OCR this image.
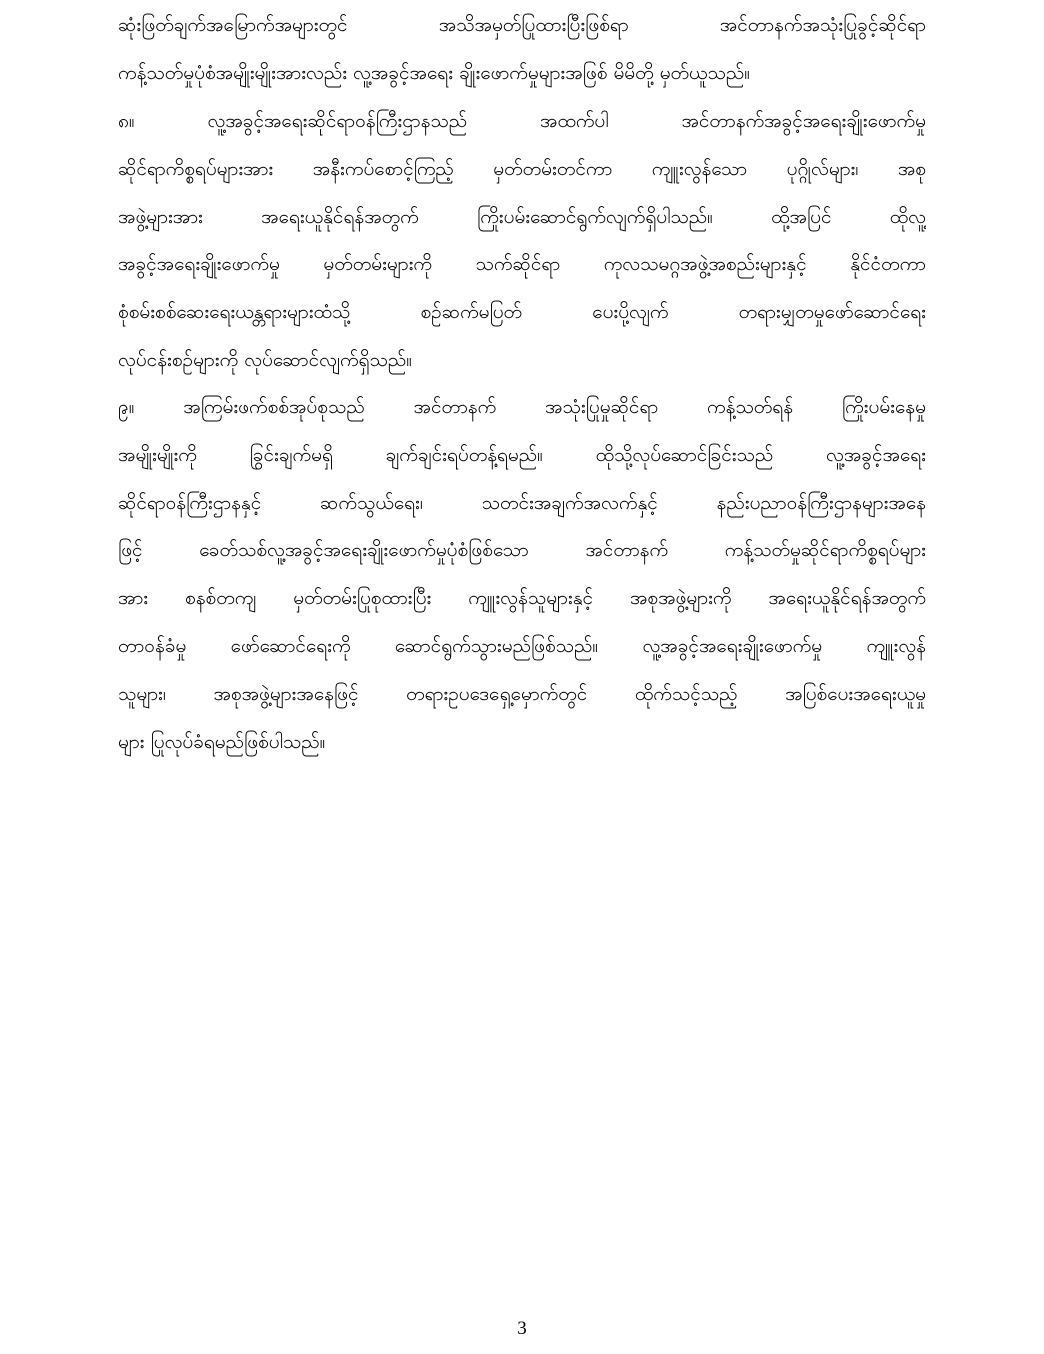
ဆုံးဖြတ်ချက်အမြောက်အများတွင် အသိအမှတ်ပြုထားပြီးဖြစ်ရာ အင်တာနက်အသုံးပြုခွင့်ဆိုင်ရာ
ကန့်သတ်မှုပုံစံအမျိုးမျိုးအားလည်း လူ့အခွင့်အရေး ချိုးဖောက်မှုများအဖြစ် မိမိတို့ မှတ်ယူသည်။
၈။ လူ့အခွင့်အရေးဆိုင်ရာဝန်ကြီးဌာနသည် အထက်ပါ အင်တာနက်အခွင့်အရေးချိုးဖောက်မှု
ဆိုင်ရာကိစ္စရပ်များအား အနီးကပ်စောင့်ကြည့် မှတ်တမ်းတင်ကာ ကျူးလွန်သော ပုဂ္ဂိုလ်များ၊ အစု
အဖွဲ့များအား အရေးယူနိုင်ရန်အတွက် ကြိုးပမ်းဆောင်ရွက်လျက်ရှိပါသည်။ ထို့အပြင် ထိုလူ့
အခွင့်အရေးချိုးဖောက်မှု မှတ်တမ်းများကို သက်ဆိုင်ရာ ကုလသမဂ္ဂအဖွဲ့အစည်းများနှင့် နိုင်ငံတကာ
စုံစမ်းစစ်ဆေးရေးယန္တရားများထံသို့ စဉ်ဆက်မပြတ် ပေးပို့လျက် တရားမျှတမှုဖော်ဆောင်ရေး
လုပ်ငန်းစဉ်များကို လုပ်ဆောင်လျက်ရှိသည်။
၉။ အကြမ်းဖက်စစ်အုပ်စုသည် အင်တာနက် အသုံးပြုမှုဆိုင်ရာ ကန့်သတ်ရန် ကြိုးပမ်းနေမှု
အမျိုးမျိုးကို ခြွင်းချက်မရှိ ချက်ချင်းရပ်တန့်ရမည်။ ထိုသို့လုပ်ဆောင်ခြင်းသည် လူ့အခွင့်အရေး
ဆိုင်ရာဝန်ကြီးဌာနနှင့် ဆက်သွယ်ရေး၊ သတင်းအချက်အလက်နှင့် နည်းပညာဝန်ကြီးဌာနများအနေ
ဖြင့် ခေတ်သစ်လူ့အခွင့်အရေးချိုးဖောက်မှုပုံစံဖြစ်သော အင်တာနက် ကန့်သတ်မှုဆိုင်ရာကိစ္စရပ်များ
အား စနစ်တကျ မှတ်တမ်းပြုစုထားပြီး ကျူးလွန်သူများနှင့် အစုအဖွဲ့များကို အရေးယူနိုင်ရန်အတွက်
တာဝန်ခံမှု ဖော်ဆောင်ရေးကို ဆောင်ရွက်သွားမည်ဖြစ်သည်။ လူ့အခွင့်အရေးချိုးဖောက်မှု ကျူးလွန်
သူများ၊ အစုအဖွဲ့များအနေဖြင့် တရားဥပဒေရှေ့မှောက်တွင် ထိုက်သင့်သည့် အပြစ်ပေးအရေးယူမှု
များ ပြုလုပ်ခံရမည်ဖြစ်ပါသည်။
3
